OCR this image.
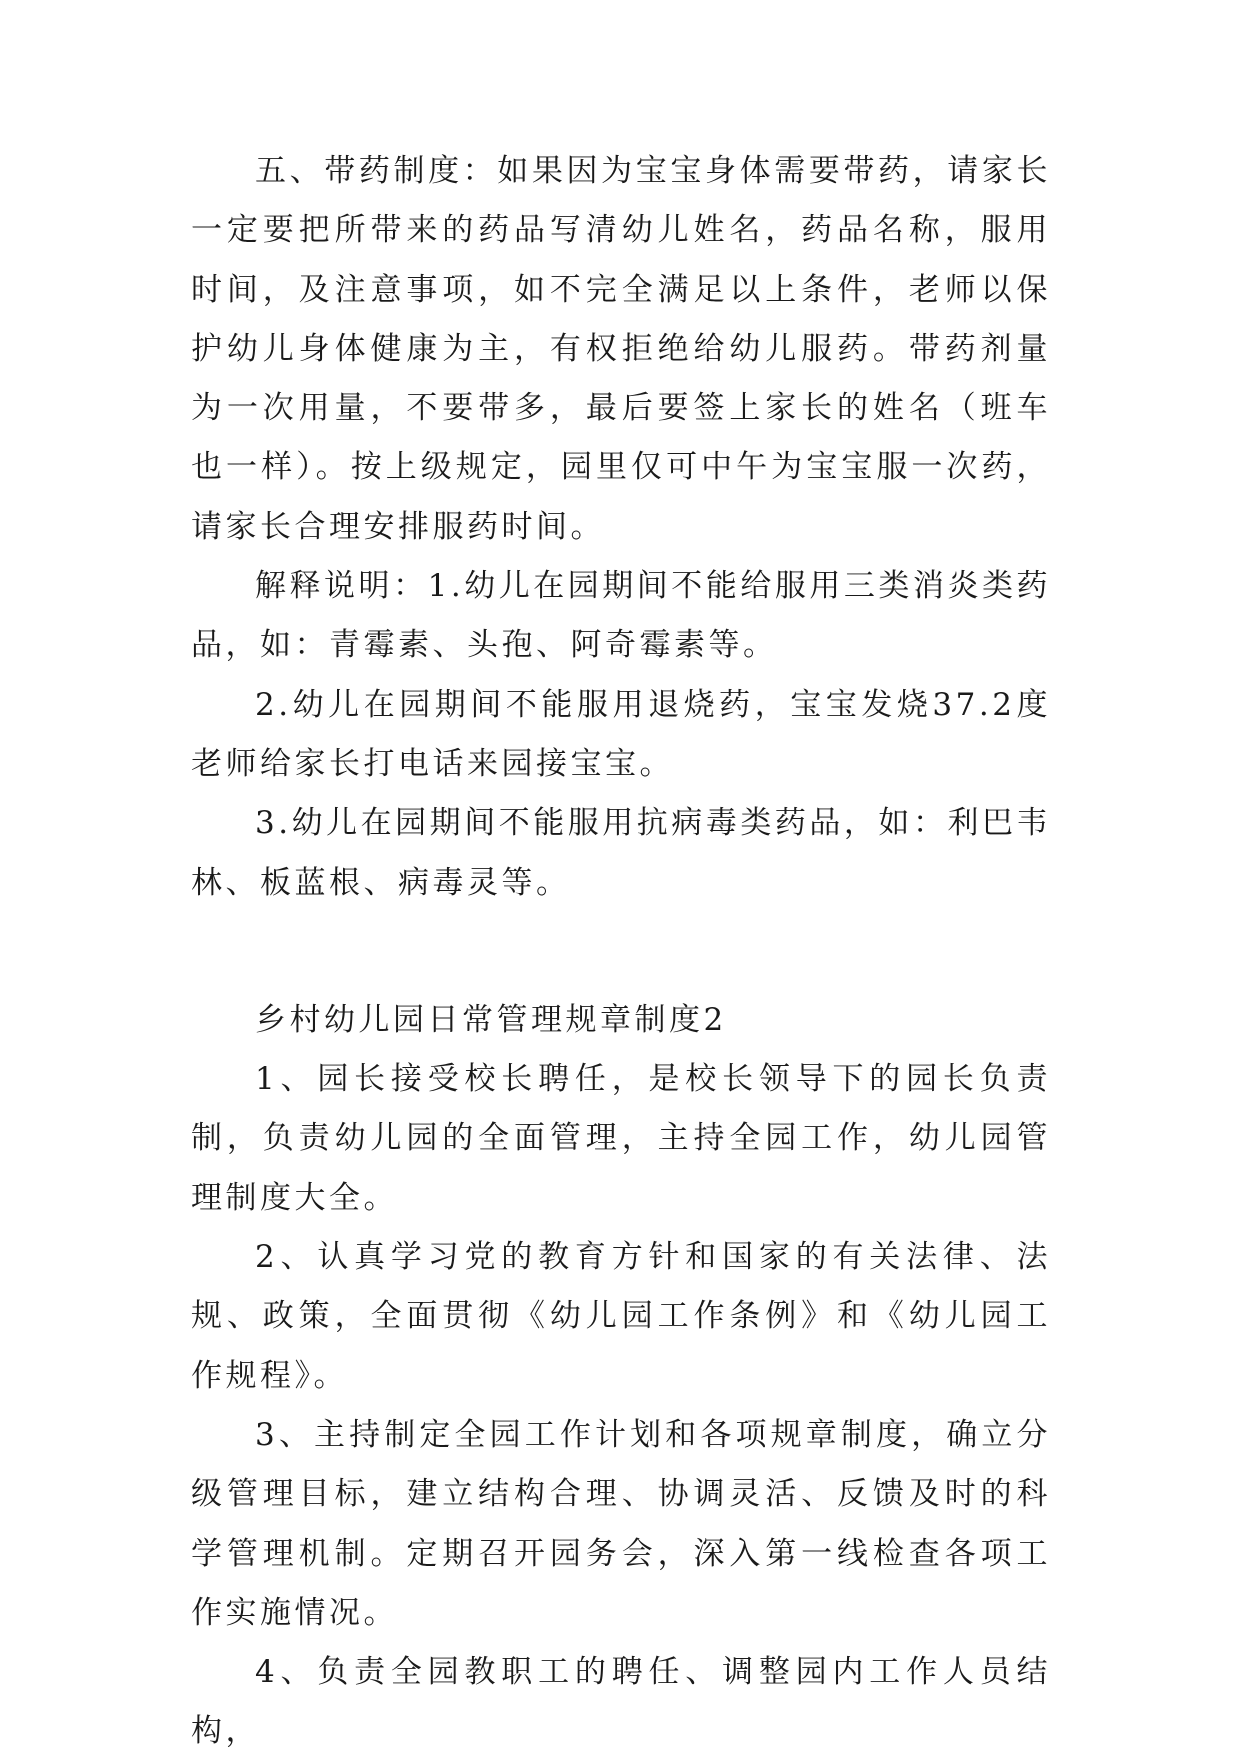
五、带药制度：如果因为宝宝身体需要带药，请家长一定要把所带来的药品写清幼儿姓名，药品名称，服用时间，及注意事项，如不完全满足以上条件，老师以保护幼儿身体健康为主，有权拒绝给幼儿服药。带药剂量为一次用量，不要带多，最后要签上家长的姓名（班车也一样）。按上级规定，园里仅可中午为宝宝服一次药，请家长合理安排服药时间。

解释说明：1.幼儿在园期间不能给服用三类消炎类药品，如：青霉素、头孢、阿奇霉素等。

2.幼儿在园期间不能服用退烧药，宝宝发烧37.2度老师给家长打电话来园接宝宝。

3.幼儿在园期间不能服用抗病毒类药品，如：利巴韦林、板蓝根、病毒灵等。

乡村幼儿园日常管理规章制度2

1、园长接受校长聘任，是校长领导下的园长负责制，负责幼儿园的全面管理，主持全园工作，幼儿园管理制度大全。

2、认真学习党的教育方针和国家的有关法律、法规、政策，全面贯彻《幼儿园工作条例》和《幼儿园工作规程》。

3、主持制定全园工作计划和各项规章制度，确立分级管理目标，建立结构合理、协调灵活、反馈及时的科学管理机制。定期召开园务会，深入第一线检查各项工作实施情况。

4、负责全园教职工的聘任、调整园内工作人员结构，
